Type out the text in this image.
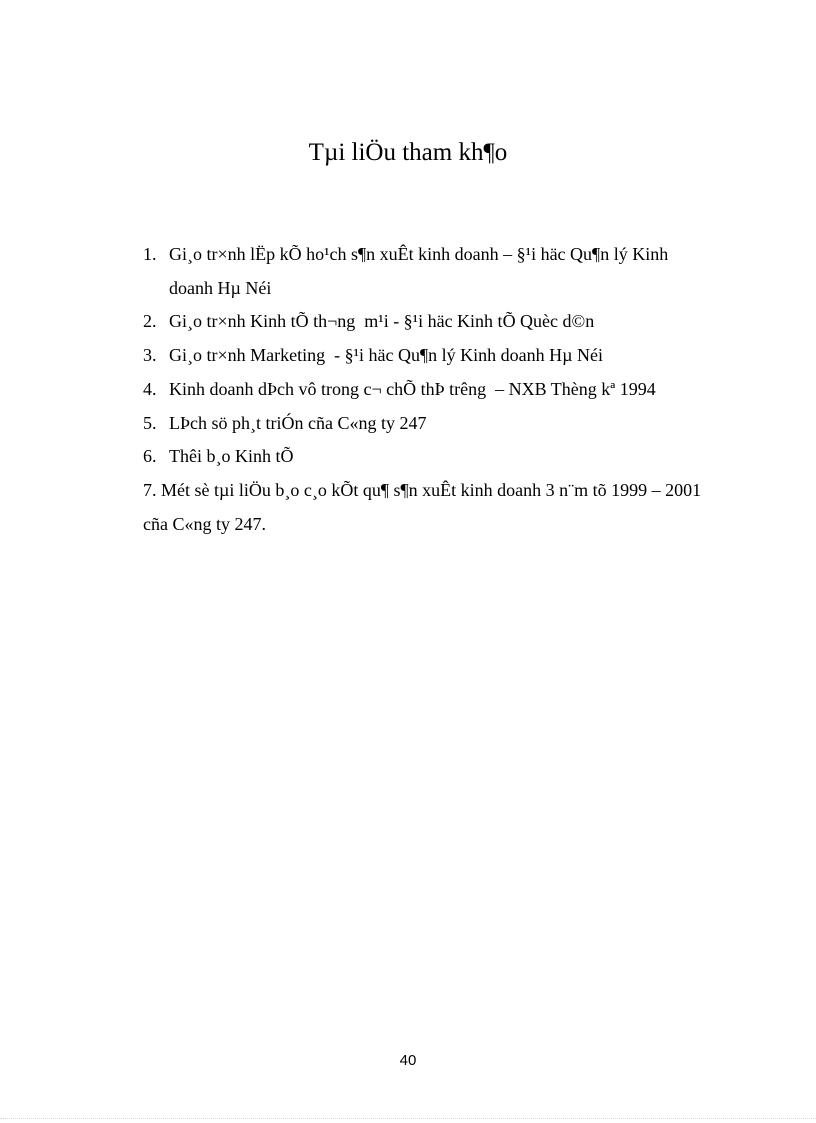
Tµi liÖu tham kh¶o
1. Gi¸o tr×nh lËp kÕ ho¹ch s¶n xuÊt kinh doanh – §¹i häc Qu¶n lý Kinh doanh Hµ Néi
2. Gi¸o tr×nh Kinh tÕ th¬ng  m¹i - §¹i häc Kinh tÕ Quèc d©n
3. Gi¸o tr×nh Marketing  - §¹i häc Qu¶n lý Kinh doanh Hµ Néi
4. Kinh doanh dÞch vô trong c¬ chÕ thÞ trêng  – NXB Thèng kª 1994
5. LÞch sö ph¸t triÓn cña C«ng ty 247
6. Thêi b¸o Kinh tÕ
7. Mét sè tµi liÖu b¸o c¸o kÕt qu¶ s¶n xuÊt kinh doanh 3 n¨m tõ 1999 – 2001 cña C«ng ty 247.
40
